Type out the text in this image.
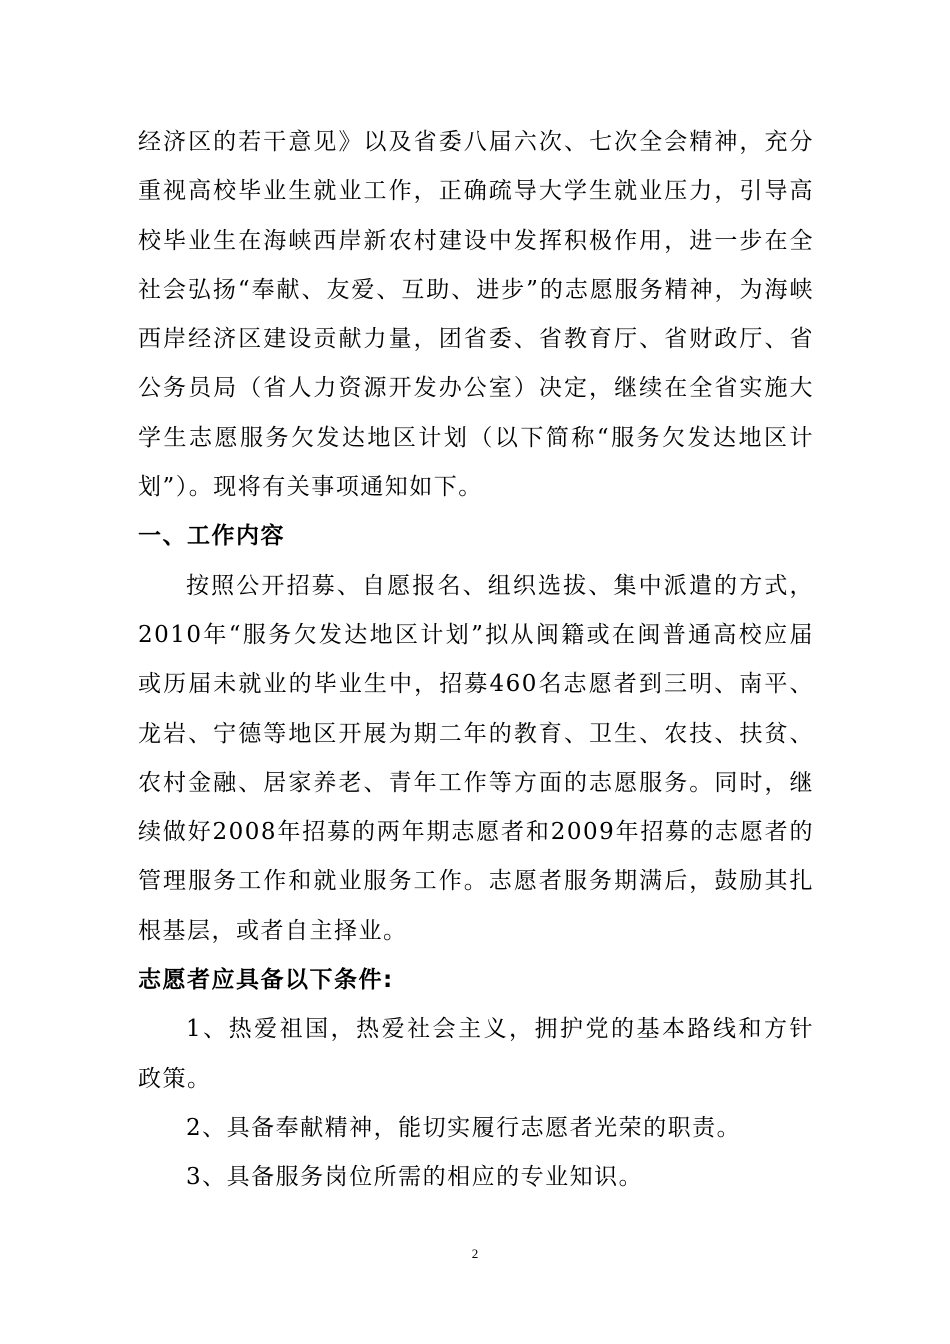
经济区的若干意见》以及省委八届六次、七次全会精神，充分重视高校毕业生就业工作，正确疏导大学生就业压力，引导高校毕业生在海峡西岸新农村建设中发挥积极作用，进一步在全社会弘扬“奉献、友爱、互助、进步”的志愿服务精神，为海峡西岸经济区建设贡献力量，团省委、省教育厅、省财政厅、省公务员局（省人力资源开发办公室）决定，继续在全省实施大学生志愿服务欠发达地区计划（以下简称“服务欠发达地区计划”）。现将有关事项通知如下。

一、工作内容

按照公开招募、自愿报名、组织选拔、集中派遣的方式，2010年“服务欠发达地区计划”拟从闽籍或在闽普通高校应届或历届未就业的毕业生中，招募460名志愿者到三明、南平、龙岩、宁德等地区开展为期二年的教育、卫生、农技、扶贫、农村金融、居家养老、青年工作等方面的志愿服务。同时，继续做好2008年招募的两年期志愿者和2009年招募的志愿者的管理服务工作和就业服务工作。志愿者服务期满后，鼓励其扎根基层，或者自主择业。

志愿者应具备以下条件:

1、热爱祖国，热爱社会主义，拥护党的基本路线和方针政策。

2、具备奉献精神，能切实履行志愿者光荣的职责。

3、具备服务岗位所需的相应的专业知识。

2
